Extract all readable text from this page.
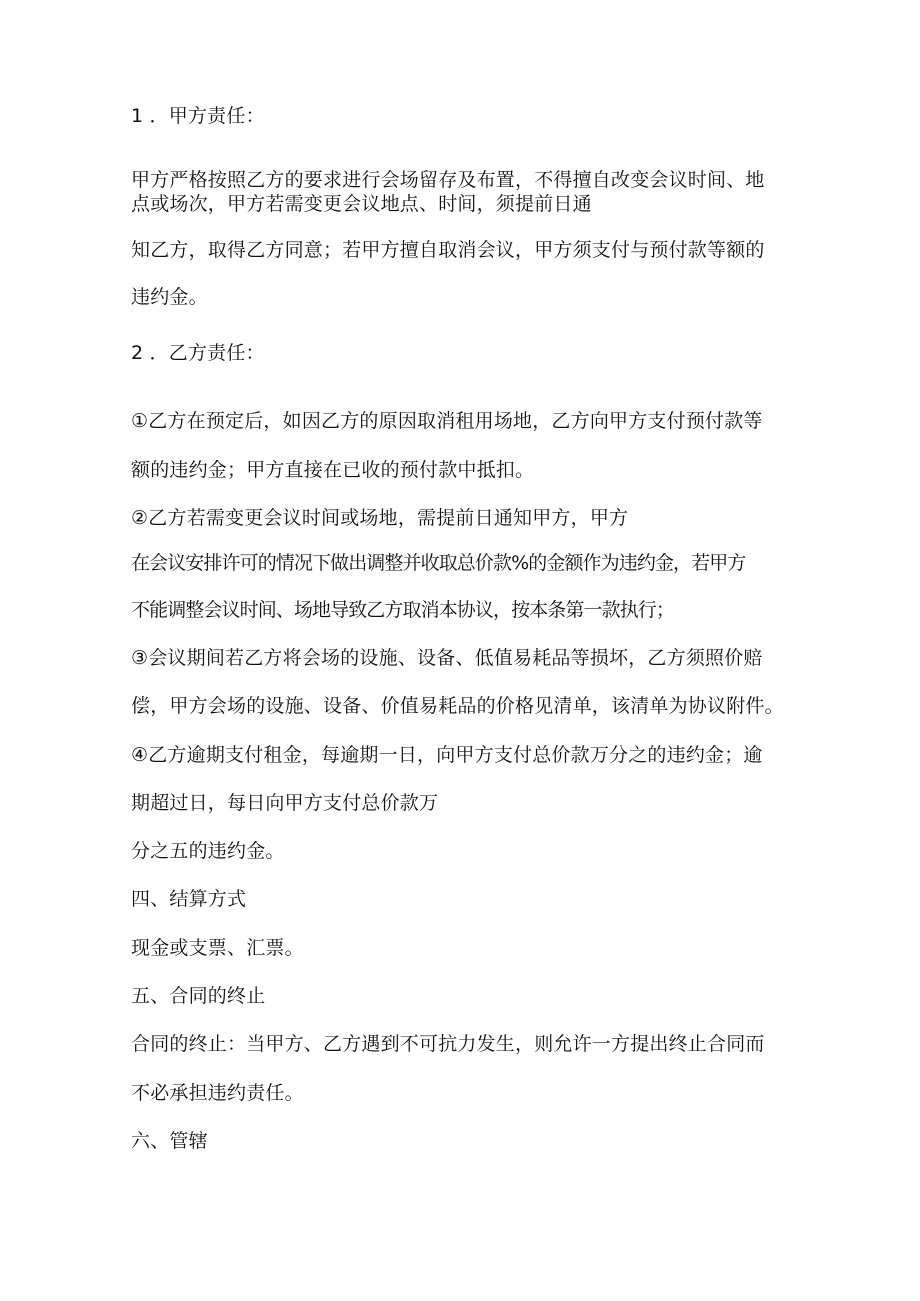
1 ．甲方责任：
甲方严格按照乙方的要求进行会场留存及布置，不得擅自改变会议时间、地
点或场次，甲方若需变更会议地点、时间，须提前日通
知乙方，取得乙方同意；若甲方擅自取消会议，甲方须支付与预付款等额的
违约金。
2 ．乙方责任：
①乙方在预定后，如因乙方的原因取消租用场地，乙方向甲方支付预付款等
额的违约金；甲方直接在已收的预付款中抵扣。
②乙方若需变更会议时间或场地，需提前日通知甲方，甲方
在会议安排许可的情况下做出调整并收取总价款%的金额作为违约金，若甲方
不能调整会议时间、场地导致乙方取消本协议，按本条第一款执行；
③会议期间若乙方将会场的设施、设备、低值易耗品等损坏，乙方须照价赔
偿，甲方会场的设施、设备、价值易耗品的价格见清单，该清单为协议附件。
④乙方逾期支付租金，每逾期一日，向甲方支付总价款万分之的违约金；逾
期超过日，每日向甲方支付总价款万
分之五的违约金。
四、结算方式
现金或支票、汇票。
五、合同的终止
合同的终止：当甲方、乙方遇到不可抗力发生，则允许一方提出终止合同而
不必承担违约责任。
六、管辖
